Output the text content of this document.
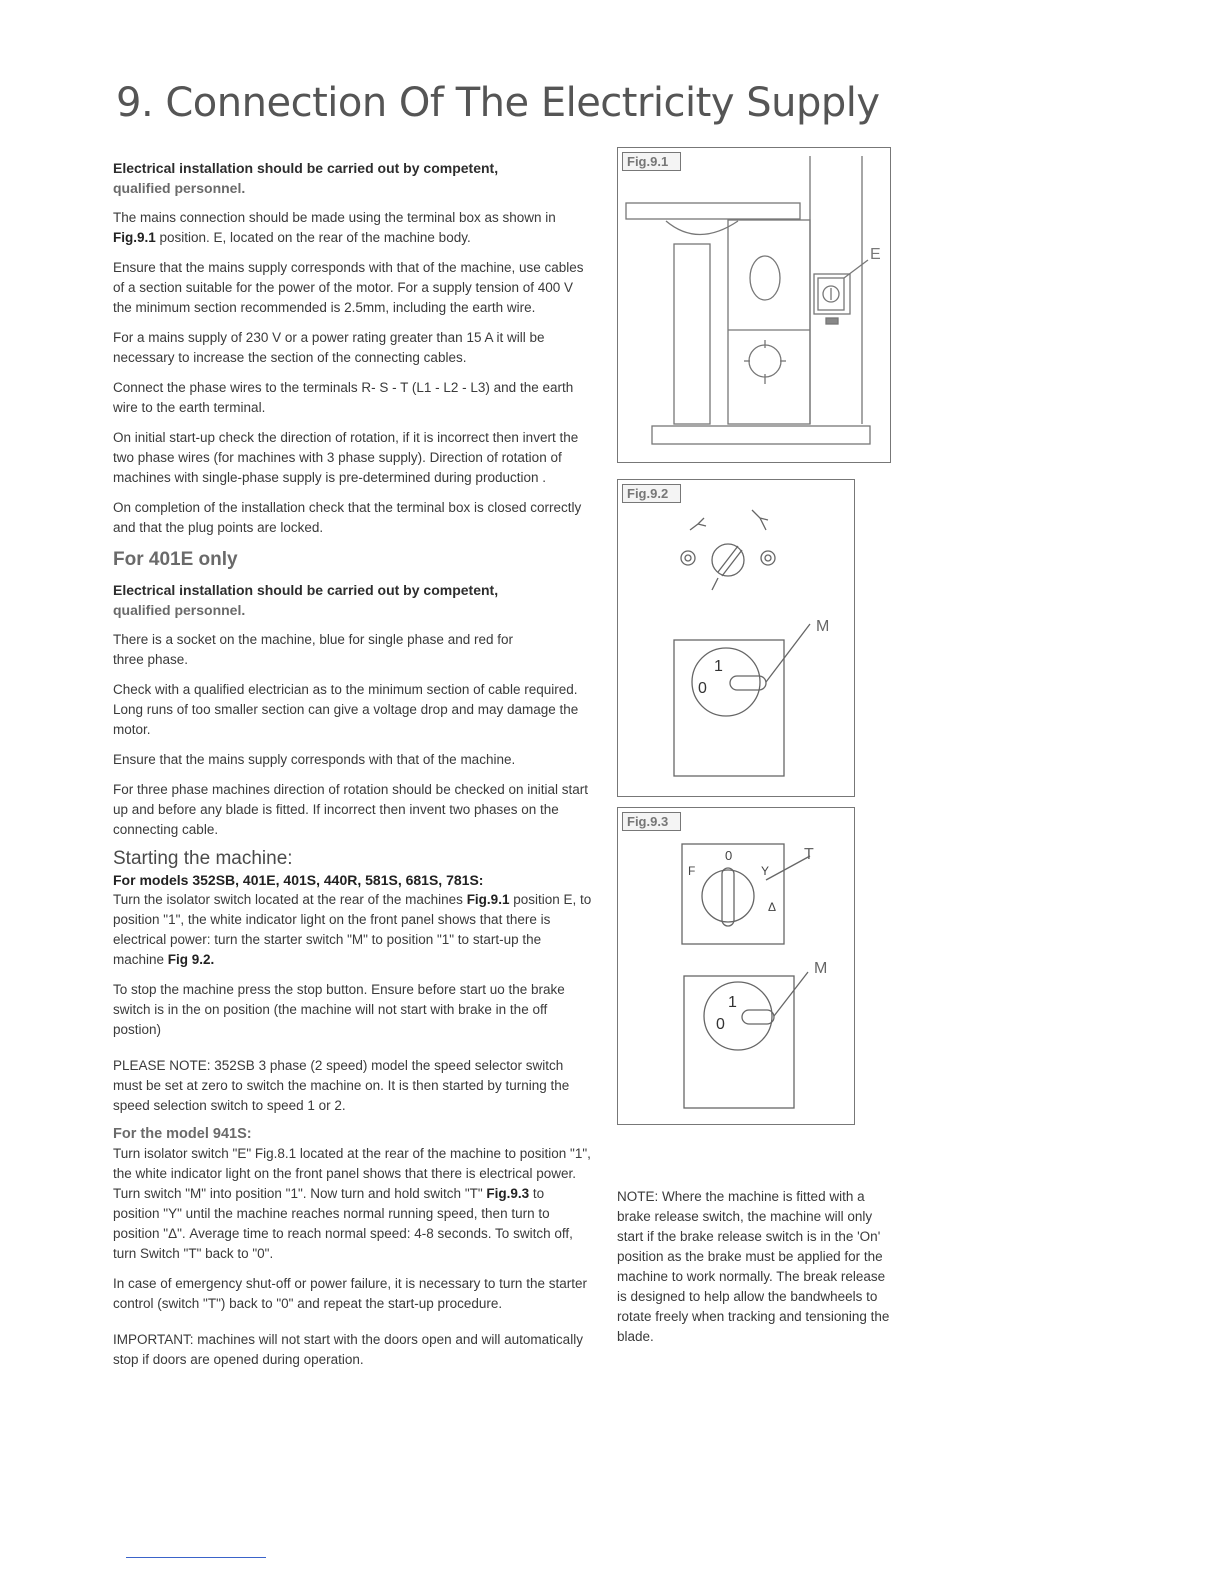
9. Connection Of The Electricity Supply
Electrical installation should be carried out by competent,
qualified personnel.

The mains connection should be made using the terminal box as shown in Fig.9.1 position. E, located on the rear of the machine body.

Ensure that the mains supply corresponds with that of the machine, use cables of a section suitable for the power of the motor. For a supply tension of 400 V the minimum section recommended is 2.5mm, including the earth wire.

For a mains supply of 230 V or a power rating greater than 15 A it will be necessary to increase the section of the connecting cables.

Connect the phase wires to the terminals R- S - T (L1 - L2 - L3) and the earth wire to the earth terminal.

On initial start-up check the direction of rotation, if it is incorrect then invert the two phase wires (for machines with 3 phase supply). Direction of rotation of machines with single-phase supply is pre-determined during production .

On completion of the installation check that the terminal box is closed correctly and that the plug points are locked.

For 401E only
Electrical installation should be carried out by competent,
qualified personnel.

There is a socket on the machine, blue for single phase and red for three phase.

Check with a qualified electrician as to the minimum section of cable required. Long runs of too smaller section can give a voltage drop and may damage the motor.

Ensure that the mains supply corresponds with that of the machine.

For three phase machines direction of rotation should be checked on initial start up and before any blade is fitted. If incorrect then invent two phases on the connecting cable.

Starting the machine:
For models 352SB, 401E, 401S, 440R, 581S, 681S, 781S:

Turn the isolator switch located at the rear of the machines Fig.9.1 position E, to position "1", the white indicator light on the front panel shows that there is electrical power: turn the starter switch "M" to position "1" to start-up the machine Fig 9.2.

To stop the machine press the stop button. Ensure before start uo the brake switch is in the on position (the machine will not start with brake in the off postion)

PLEASE NOTE: 352SB 3 phase (2 speed) model the speed selector switch must be set at zero to switch the machine on. It is then started by turning the speed selection switch to speed 1 or 2.

For the model 941S:

Turn isolator switch "E" Fig.8.1 located at the rear of the machine to position "1", the white indicator light on the front panel shows that there is electrical power. Turn switch "M" into position "1". Now turn and hold switch "T" Fig.9.3 to position "Y" until the machine reaches normal running speed, then turn to position "Δ". Average time to reach normal speed: 4-8 seconds. To switch off, turn Switch "T" back to "0".

In case of emergency shut-off or power failure, it is necessary to turn the starter control (switch "T") back to "0" and repeat the start-up procedure.

IMPORTANT: machines will not start with the doors open and will automatically stop if doors are opened during operation.

Fig.9.1
E
Fig.9.2
M
1
0
Fig.9.3
T
F
0
Y
Δ
M
1
0
NOTE: Where the machine is fitted with a brake release switch, the machine will only start if the brake release switch is in the 'On' position as the brake must be applied for the machine to work normally. The break release is designed to help allow the bandwheels to rotate freely when tracking and tensioning the blade.
